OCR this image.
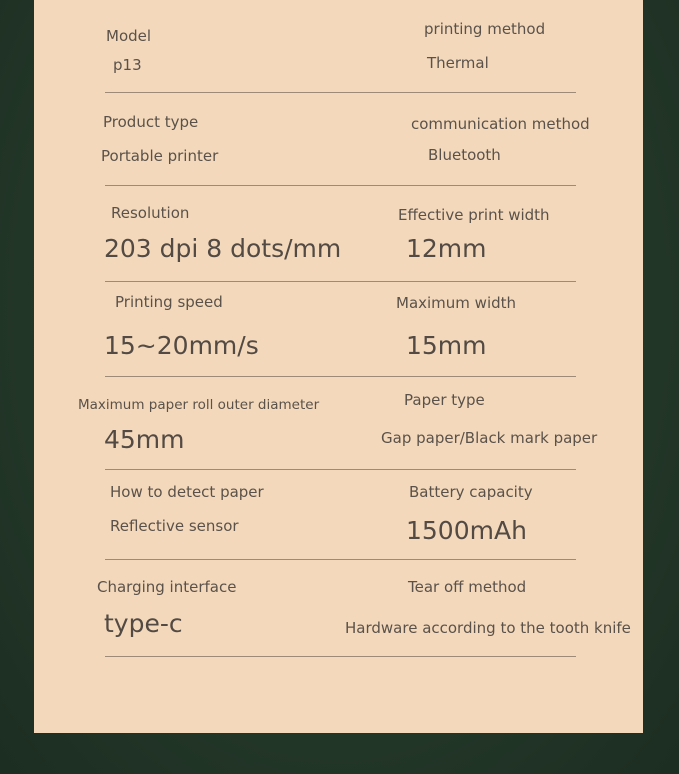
Model
p13
printing method
Thermal
Product type
Portable printer
communication method
Bluetooth
Resolution
203 dpi 8 dots/mm
Effective print width
12mm
Printing speed
15~20mm/s
Maximum width
15mm
Maximum paper roll outer diameter
45mm
Paper type
Gap paper/Black mark paper
How to detect paper
Reflective sensor
Battery capacity
1500mAh
Charging interface
type-c
Tear off method
Hardware according to the tooth knife
